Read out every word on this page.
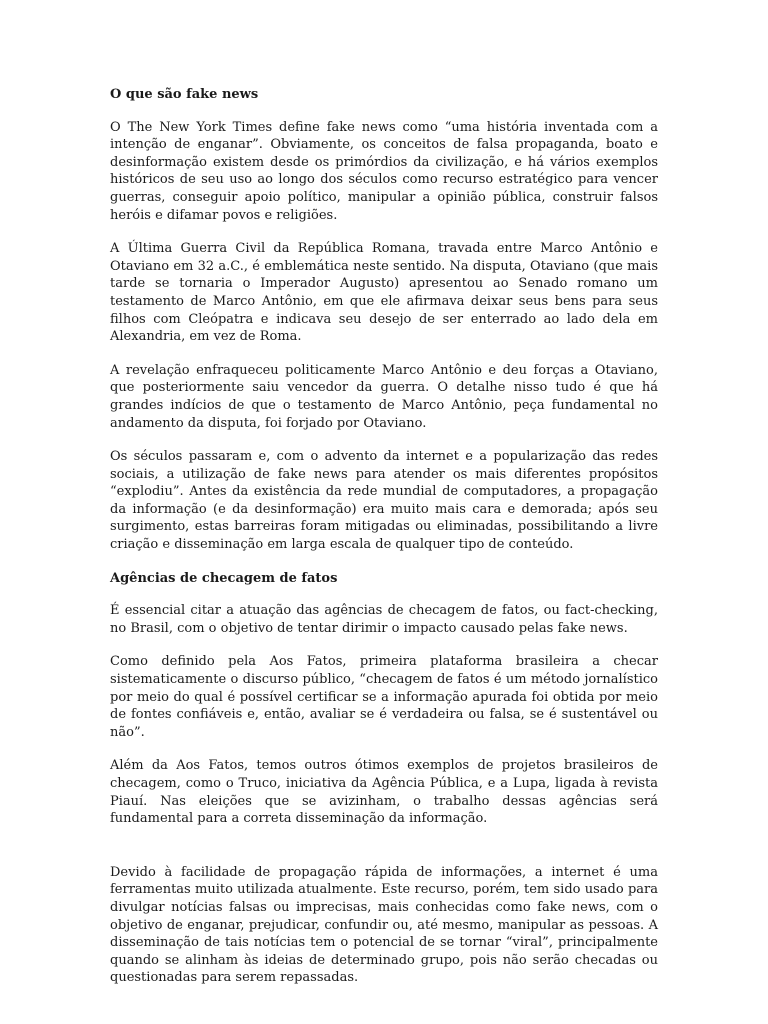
O que são fake news

O The New York Times define fake news como “uma história inventada com a intenção de enganar”. Obviamente, os conceitos de falsa propaganda, boato e desinformação existem desde os primórdios da civilização, e há vários exemplos históricos de seu uso ao longo dos séculos como recurso estratégico para vencer guerras, conseguir apoio político, manipular a opinião pública, construir falsos heróis e difamar povos e religiões.

A Última Guerra Civil da República Romana, travada entre Marco Antônio e Otaviano em 32 a.C., é emblemática neste sentido. Na disputa, Otaviano (que mais tarde se tornaria o Imperador Augusto) apresentou ao Senado romano um testamento de Marco Antônio, em que ele afirmava deixar seus bens para seus filhos com Cleópatra e indicava seu desejo de ser enterrado ao lado dela em Alexandria, em vez de Roma.

A revelação enfraqueceu politicamente Marco Antônio e deu forças a Otaviano, que posteriormente saiu vencedor da guerra. O detalhe nisso tudo é que há grandes indícios de que o testamento de Marco Antônio, peça fundamental no andamento da disputa, foi forjado por Otaviano.

Os séculos passaram e, com o advento da internet e a popularização das redes sociais, a utilização de fake news para atender os mais diferentes propósitos “explodiu”. Antes da existência da rede mundial de computadores, a propagação da informação (e da desinformação) era muito mais cara e demorada; após seu surgimento, estas barreiras foram mitigadas ou eliminadas, possibilitando a livre criação e disseminação em larga escala de qualquer tipo de conteúdo.

Agências de checagem de fatos

É essencial citar a atuação das agências de checagem de fatos, ou fact-checking, no Brasil, com o objetivo de tentar dirimir o impacto causado pelas fake news.

Como definido pela Aos Fatos, primeira plataforma brasileira a checar sistematicamente o discurso público, “checagem de fatos é um método jornalístico por meio do qual é possível certificar se a informação apurada foi obtida por meio de fontes confiáveis e, então, avaliar se é verdadeira ou falsa, se é sustentável ou não”.

Além da Aos Fatos, temos outros ótimos exemplos de projetos brasileiros de checagem, como o Truco, iniciativa da Agência Pública, e a Lupa, ligada à revista Piauí. Nas eleições que se avizinham, o trabalho dessas agências será fundamental para a correta disseminação da informação.

Devido à facilidade de propagação rápida de informações, a internet é uma ferramentas muito utilizada atualmente. Este recurso, porém, tem sido usado para divulgar notícias falsas ou imprecisas, mais conhecidas como fake news, com o objetivo de enganar, prejudicar, confundir ou, até mesmo, manipular as pessoas. A disseminação de tais notícias tem o potencial de se tornar “viral”, principalmente quando se alinham às ideias de determinado grupo, pois não serão checadas ou questionadas para serem repassadas.
